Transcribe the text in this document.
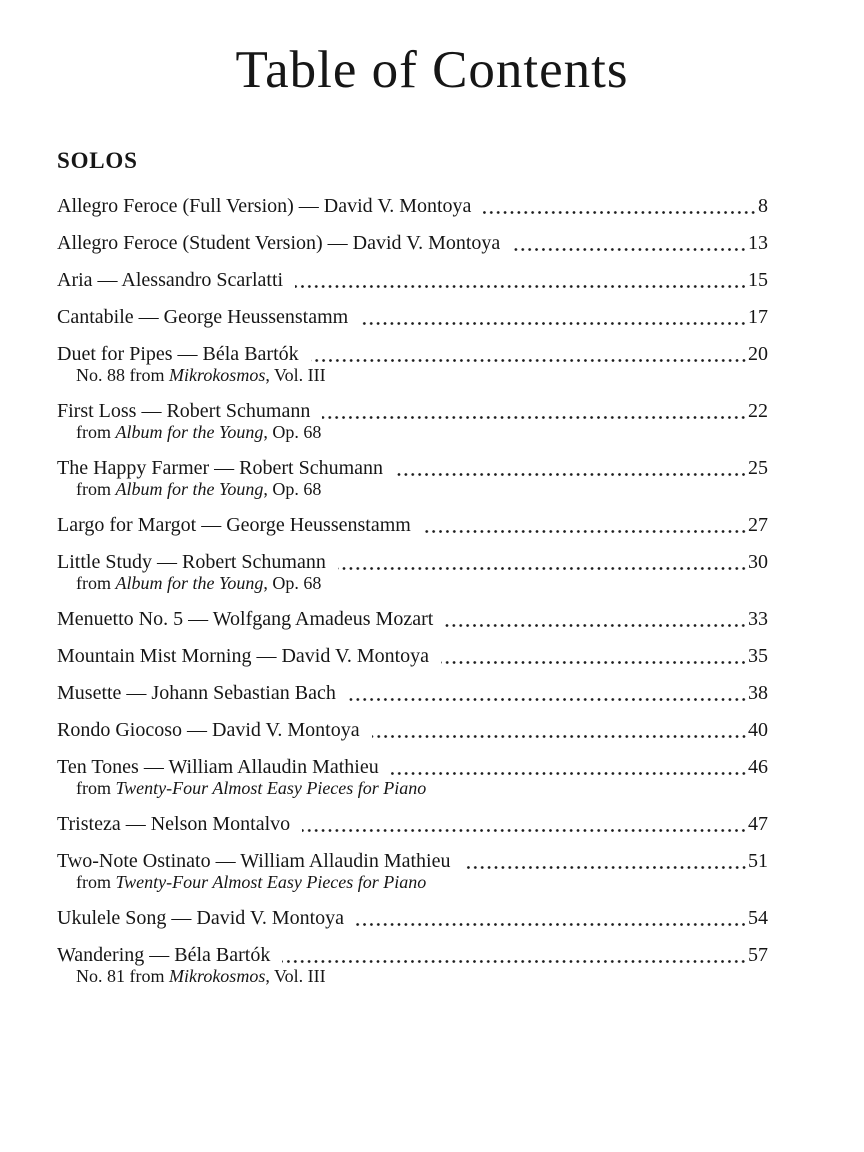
Table of Contents
SOLOS
Allegro Feroce (Full Version) — David V. Montoya	8
Allegro Feroce (Student Version) — David V. Montoya	13
Aria — Alessandro Scarlatti	15
Cantabile — George Heussenstamm	17
Duet for Pipes — Béla Bartók	20
No. 88 from Mikrokosmos, Vol. III
First Loss — Robert Schumann	22
from Album for the Young, Op. 68
The Happy Farmer — Robert Schumann	25
from Album for the Young, Op. 68
Largo for Margot — George Heussenstamm	27
Little Study — Robert Schumann	30
from Album for the Young, Op. 68
Menuetto No. 5 — Wolfgang Amadeus Mozart	33
Mountain Mist Morning — David V. Montoya	35
Musette — Johann Sebastian Bach	38
Rondo Giocoso — David V. Montoya	40
Ten Tones — William Allaudin Mathieu	46
from Twenty-Four Almost Easy Pieces for Piano
Tristeza — Nelson Montalvo	47
Two-Note Ostinato — William Allaudin Mathieu	51
from Twenty-Four Almost Easy Pieces for Piano
Ukulele Song — David V. Montoya	54
Wandering — Béla Bartók	57
No. 81 from Mikrokosmos, Vol. III
